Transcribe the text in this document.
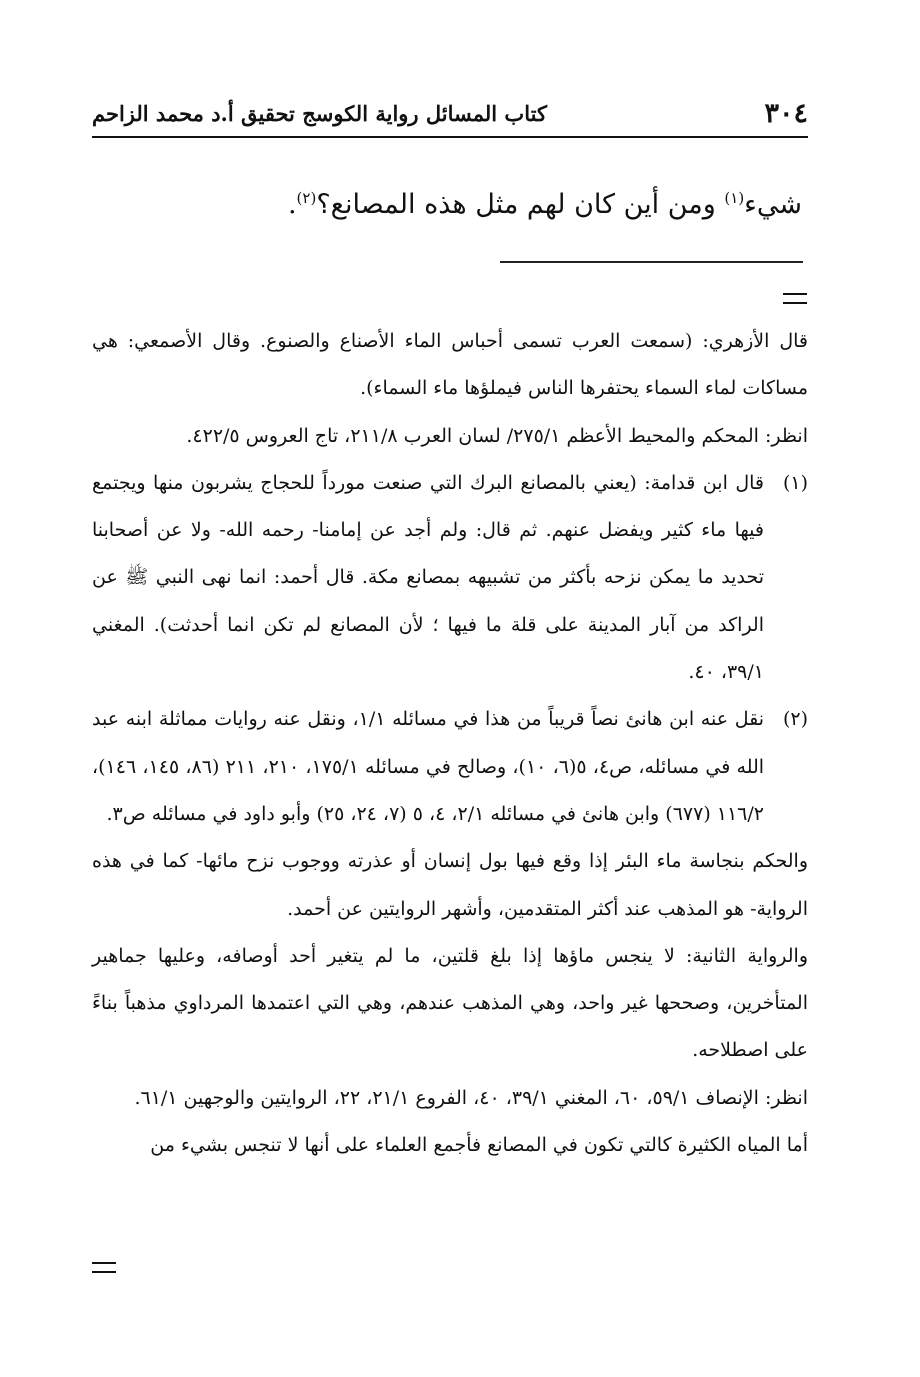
٣٠٤
كتاب المسائل رواية الكوسج تحقيق أ.د محمد الزاحم
شيء$^{(١)}$ ومن أين كان لهم مثل هذه المصانع؟$^{(٢)}$.
قال الأزهري: (سمعت العرب تسمى أحباس الماء الأصناع والصنوع. وقال الأصمعي: هي مساكات لماء السماء يحتفرها الناس فيملؤها ماء السماء).
انظر: المحكم والمحيط الأعظم ٢٧٥/١/ لسان العرب ٢١١/٨، تاج العروس ٤٢٢/٥.
(١)
قال ابن قدامة: (يعني بالمصانع البرك التي صنعت مورداً للحجاج يشربون منها ويجتمع فيها ماء كثير ويفضل عنهم. ثم قال: ولم أجد عن إمامنا- رحمه الله- ولا عن أصحابنا تحديد ما يمكن نزحه بأكثر من تشبيهه بمصانع مكة. قال أحمد: انما نهى النبي ﷺ عن الراكد من آبار المدينة على قلة ما فيها ؛ لأن المصانع لم تكن انما أحدثت). المغني ٣٩/١، ٤٠.
(٢)
نقل عنه ابن هانئ نصاً قريباً من هذا في مسائله ١/١، ونقل عنه روايات مماثلة ابنه عبد الله في مسائله، ص٤، ٥(٦، ١٠)، وصالح في مسائله ١٧٥/١، ٢١٠، ٢١١ (٨٦، ١٤٥، ١٤٦)، ١١٦/٢ (٦٧٧) وابن هانئ في مسائله ٢/١، ٤، ٥ (٧، ٢٤، ٢٥) وأبو داود في مسائله ص٣.
والحكم بنجاسة ماء البئر إذا وقع فيها بول إنسان أو عذرته ووجوب نزح مائها- كما في هذه الرواية- هو المذهب عند أكثر المتقدمين، وأشهر الروايتين عن أحمد.
والرواية الثانية: لا ينجس ماؤها إذا بلغ قلتين، ما لم يتغير أحد أوصافه، وعليها جماهير المتأخرين، وصححها غير واحد، وهي المذهب عندهم، وهي التي اعتمدها المرداوي مذهباً بناءً على اصطلاحه.
انظر: الإنصاف ٥٩/١، ٦٠، المغني ٣٩/١، ٤٠، الفروع ٢١/١، ٢٢، الروايتين والوجهين ٦١/١.
أما المياه الكثيرة كالتي تكون في المصانع فأجمع العلماء على أنها لا تنجس بشيء من
